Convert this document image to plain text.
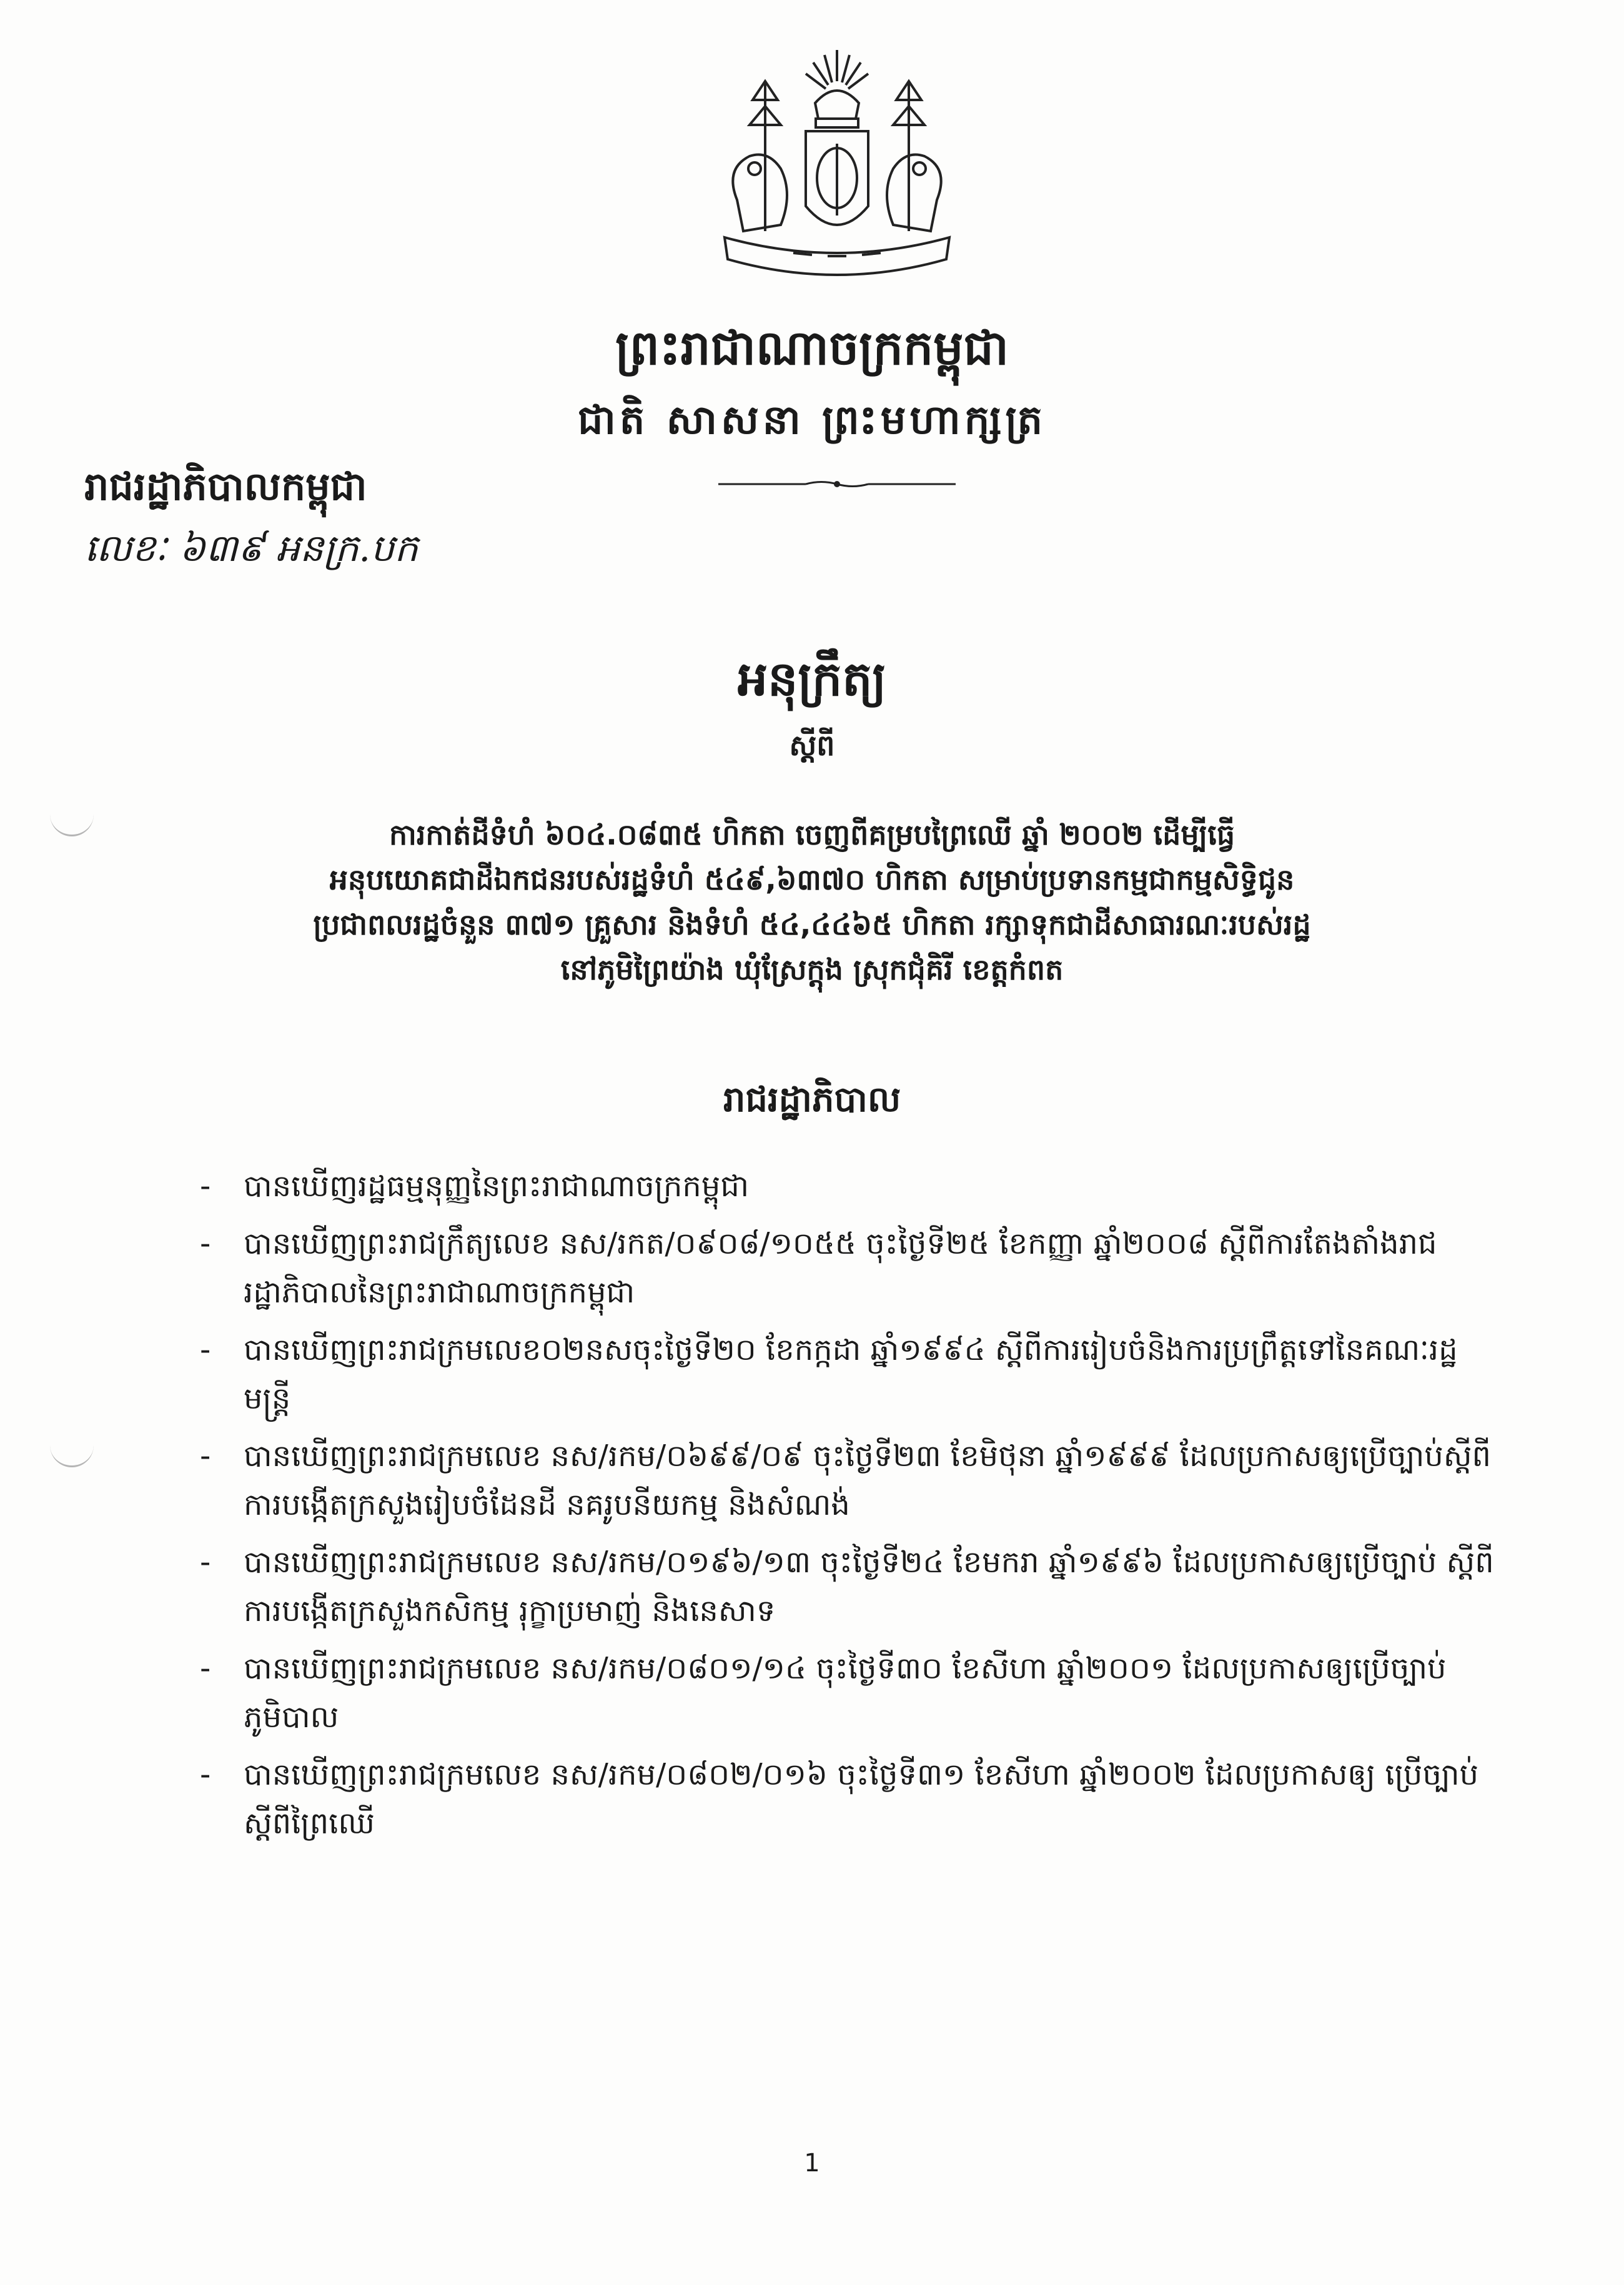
ព្រះរាជាណាចក្រកម្ពុជា
ជាតិ សាសនា ព្រះមហាក្សត្រ
រាជរដ្ឋាភិបាលកម្ពុជា
លេខៈ ៦៣៩ អនក្រ.បក
អនុក្រឹត្យ
ស្ដីពី
ការកាត់ដីទំហំ ៦០៤.០៨៣៥ ហិកតា ចេញពីគម្របព្រៃឈើ ឆ្នាំ ២០០២ ដើម្បីធ្វើ
អនុបយោគជាដីឯកជនរបស់រដ្ឋទំហំ ៥៤៩,៦៣៧០ ហិកតា សម្រាប់ប្រទានកម្មជាកម្មសិទ្ធិជូន
ប្រជាពលរដ្ឋចំនួន ៣៧១ គ្រួសារ និងទំហំ ៥៤,៤៤៦៥ ហិកតា រក្សាទុកជាដីសាធារណៈរបស់រដ្ឋ
នៅភូមិព្រៃយ៉ាង ឃុំស្រែក្ដុង ស្រុកជុំគិរី ខេត្តកំពត
រាជរដ្ឋាភិបាល
- បានឃើញរដ្ឋធម្មនុញ្ញនៃព្រះរាជាណាចក្រកម្ពុជា
- បានឃើញព្រះរាជក្រឹត្យលេខ នស/រកត/០៩០៨/១០៥៥ ចុះថ្ងៃទី២៥ ខែកញ្ញា ឆ្នាំ២០០៨ ស្ដីពីការតែងតាំងរាជរដ្ឋាភិបាលនៃព្រះរាជាណាចក្រកម្ពុជា
- បានឃើញព្រះរាជក្រមលេខ០២នសចុះថ្ងៃទី២០ ខែកក្កដា ឆ្នាំ១៩៩៤ ស្ដីពីការរៀបចំនិងការប្រព្រឹត្តទៅនៃគណៈរដ្ឋមន្ត្រី
- បានឃើញព្រះរាជក្រមលេខ នស/រកម/០៦៩៩/០៩ ចុះថ្ងៃទី២៣ ខែមិថុនា ឆ្នាំ១៩៩៩ ដែលប្រកាសឲ្យប្រើច្បាប់ស្ដីពីការបង្កើតក្រសួងរៀបចំដែនដី នគរូបនីយកម្ម និងសំណង់
- បានឃើញព្រះរាជក្រមលេខ នស/រកម/០១៩៦/១៣ ចុះថ្ងៃទី២៤ ខែមករា ឆ្នាំ១៩៩៦ ដែលប្រកាសឲ្យប្រើច្បាប់ ស្ដីពីការបង្កើតក្រសួងកសិកម្ម រុក្ខាប្រមាញ់ និងនេសាទ
- បានឃើញព្រះរាជក្រមលេខ នស/រកម/០៨០១/១៤ ចុះថ្ងៃទី៣០ ខែសីហា ឆ្នាំ២០០១ ដែលប្រកាសឲ្យប្រើច្បាប់ភូមិបាល
- បានឃើញព្រះរាជក្រមលេខ នស/រកម/០៨០២/០១៦ ចុះថ្ងៃទី៣១ ខែសីហា ឆ្នាំ២០០២ ដែលប្រកាសឲ្យ ប្រើច្បាប់ស្ដីពីព្រៃឈើ
1
